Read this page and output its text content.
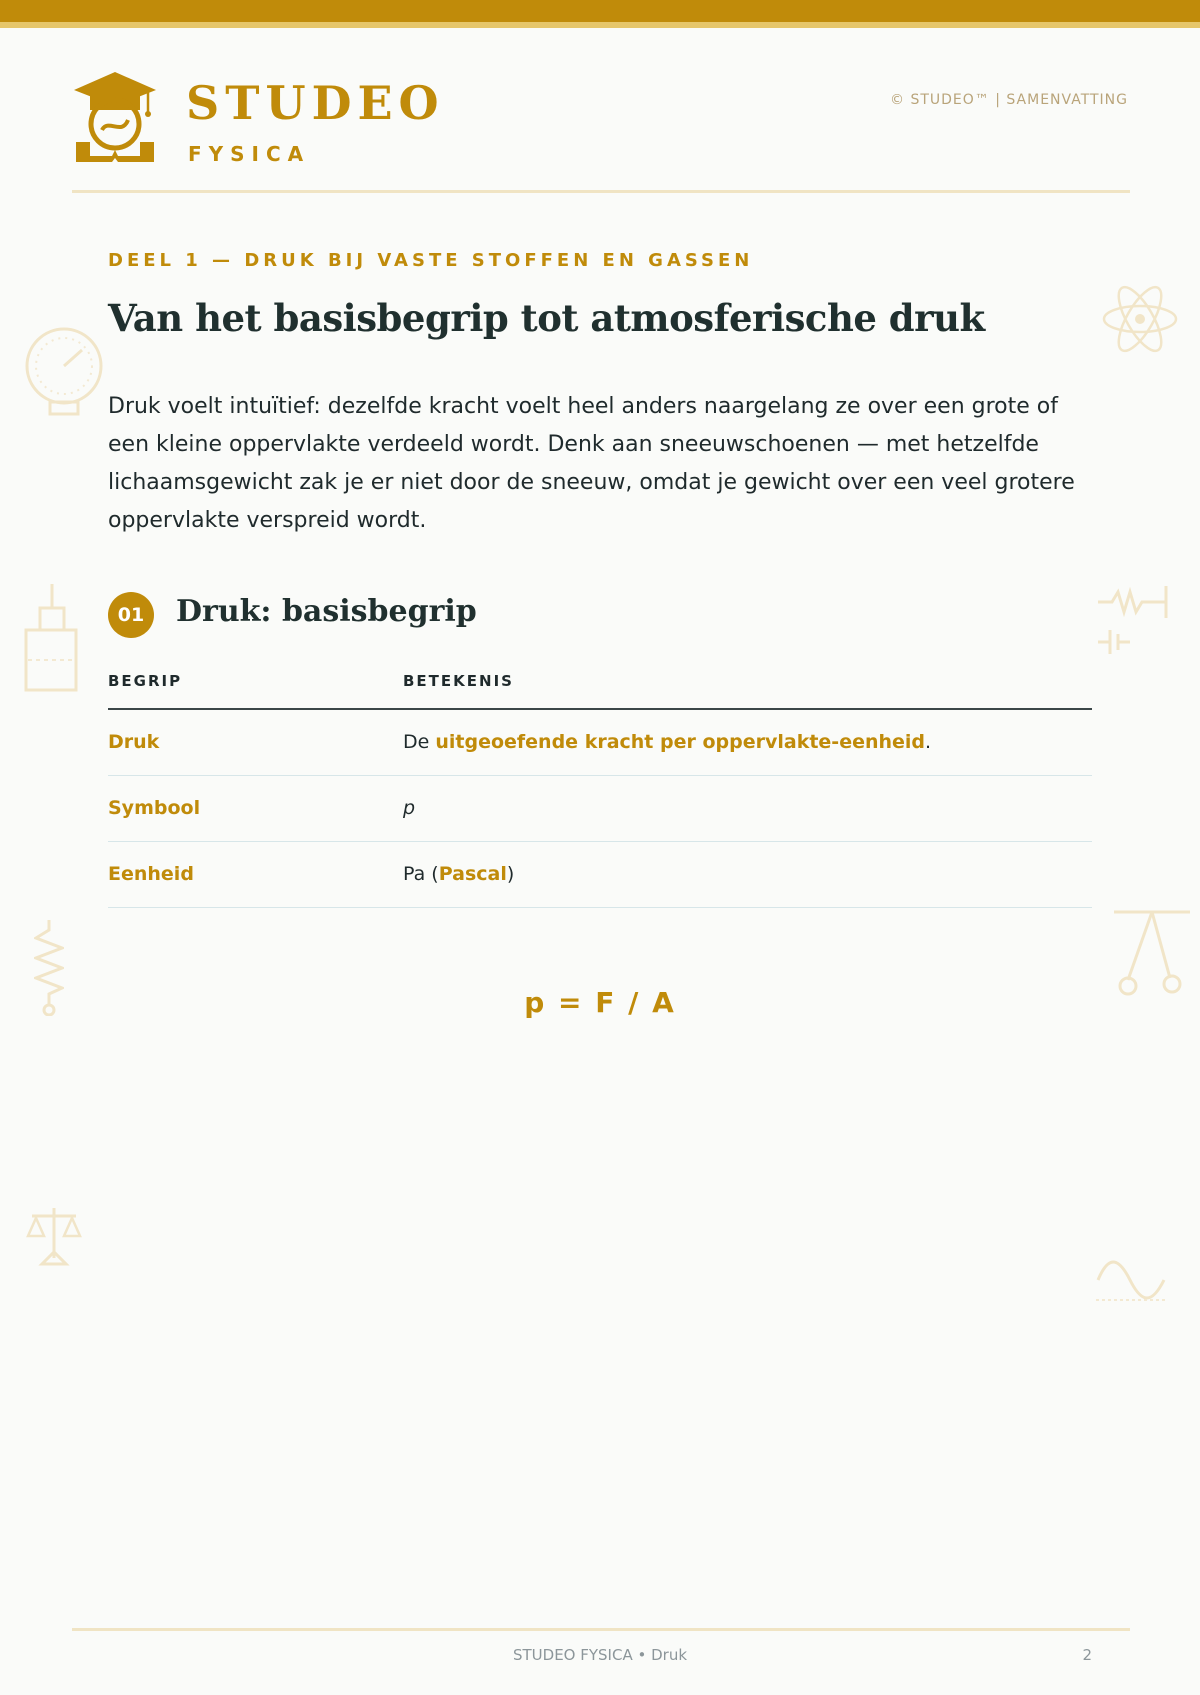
STUDEO
FYSICA
© STUDEO™ | SAMENVATTING
DEEL 1 — DRUK BIJ VASTE STOFFEN EN GASSEN
Van het basisbegrip tot atmosferische druk

Druk voelt intuïtief: dezelfde kracht voelt heel anders naargelang ze over een grote of een kleine oppervlakte verdeeld wordt. Denk aan sneeuwschoenen — met hetzelfde lichaamsgewicht zak je er niet door de sneeuw, omdat je gewicht over een veel grotere oppervlakte verspreid wordt.

01	Druk: basisbegrip
BEGRIP	BETEKENIS
Druk	De uitgeoefende kracht per oppervlakte-eenheid.
Symbool	p
Eenheid	Pa (Pascal)
p = F / A
STUDEO FYSICA • Druk	2
